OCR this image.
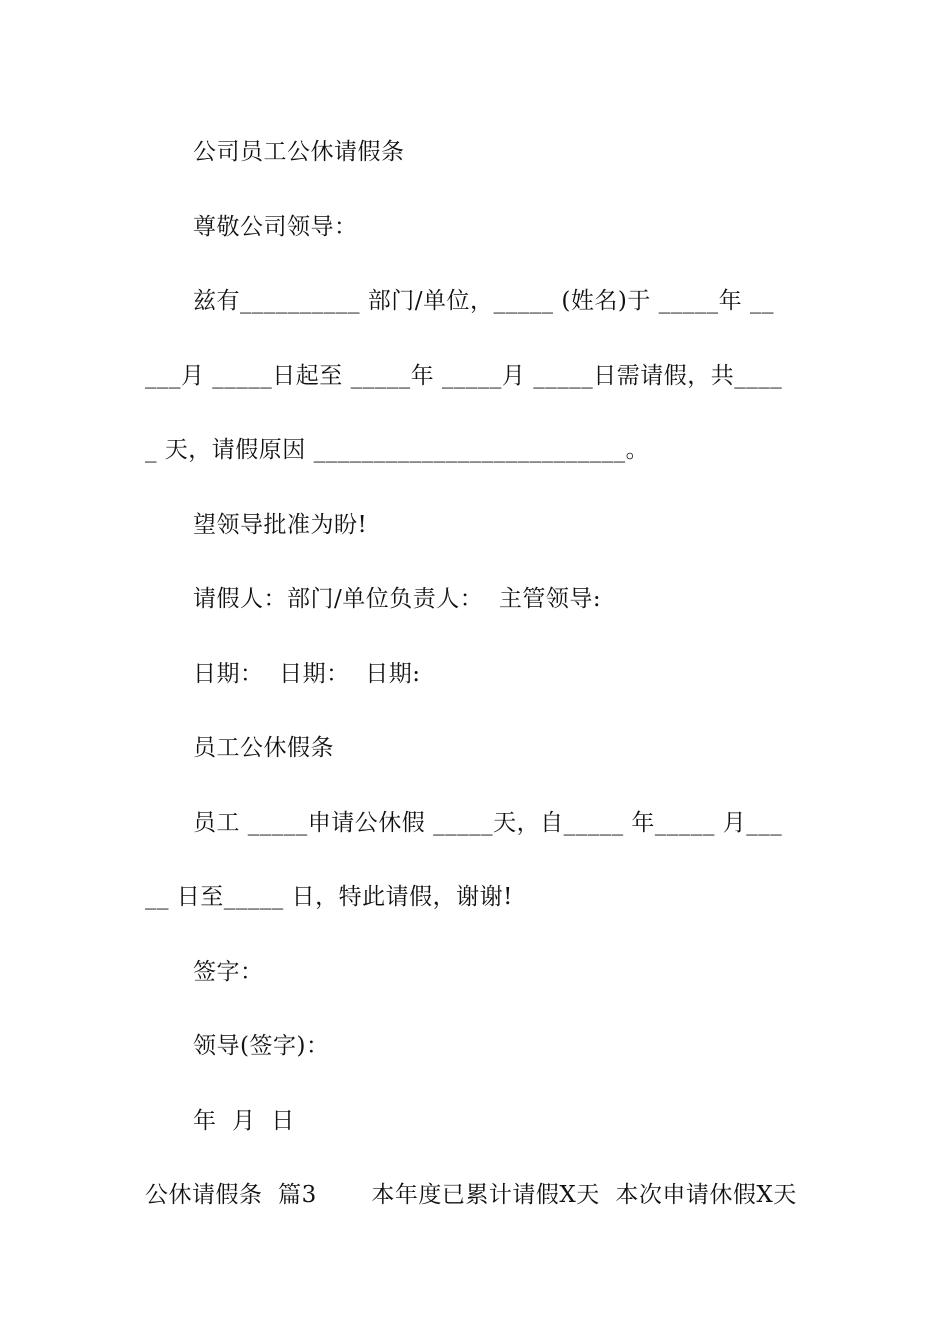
公司员工公休请假条
尊敬公司领导：
兹有__________ 部门/单位，_____ (姓名)于 _____年 __
___月 _____日起至 _____年 _____月 _____日需请假，共____
_ 天，请假原因 __________________________。
望领导批准为盼!
请假人：部门/单位负责人：  主管领导:
日期：  日期：  日期:
员工公休假条
员工 _____申请公休假 _____天，自_____ 年_____ 月___
__ 日至_____ 日，特此请假，谢谢!
签字：
领导(签字)：
年  月  日
公休请假条  篇3       本年度已累计请假X天  本次申请休假X天
